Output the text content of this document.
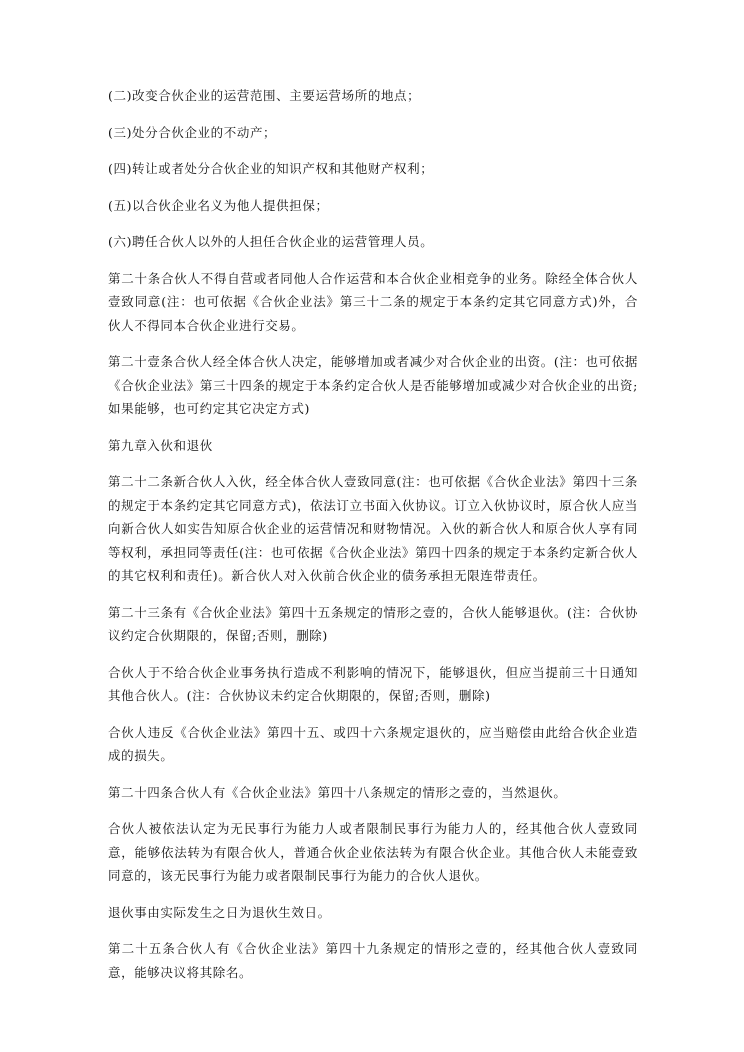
(二)改变合伙企业的运营范围、主要运营场所的地点；

(三)处分合伙企业的不动产；

(四)转让或者处分合伙企业的知识产权和其他财产权利；

(五)以合伙企业名义为他人提供担保；

(六)聘任合伙人以外的人担任合伙企业的运营管理人员。

第二十条合伙人不得自营或者同他人合作运营和本合伙企业相竞争的业务。除经全体合伙人壹致同意(注：也可依据《合伙企业法》第三十二条的规定于本条约定其它同意方式)外，合伙人不得同本合伙企业进行交易。

第二十壹条合伙人经全体合伙人决定，能够增加或者减少对合伙企业的出资。(注：也可依据《合伙企业法》第三十四条的规定于本条约定合伙人是否能够增加或减少对合伙企业的出资;如果能够，也可约定其它决定方式)

第九章入伙和退伙

第二十二条新合伙人入伙，经全体合伙人壹致同意(注：也可依据《合伙企业法》第四十三条的规定于本条约定其它同意方式)，依法订立书面入伙协议。订立入伙协议时，原合伙人应当向新合伙人如实告知原合伙企业的运营情况和财物情况。入伙的新合伙人和原合伙人享有同等权利，承担同等责任(注：也可依据《合伙企业法》第四十四条的规定于本条约定新合伙人的其它权利和责任)。新合伙人对入伙前合伙企业的债务承担无限连带责任。

第二十三条有《合伙企业法》第四十五条规定的情形之壹的，合伙人能够退伙。(注：合伙协议约定合伙期限的，保留;否则，删除)

合伙人于不给合伙企业事务执行造成不利影响的情况下，能够退伙，但应当提前三十日通知其他合伙人。(注：合伙协议未约定合伙期限的，保留;否则，删除)

合伙人违反《合伙企业法》第四十五、或四十六条规定退伙的，应当赔偿由此给合伙企业造成的损失。

第二十四条合伙人有《合伙企业法》第四十八条规定的情形之壹的，当然退伙。

合伙人被依法认定为无民事行为能力人或者限制民事行为能力人的，经其他合伙人壹致同意，能够依法转为有限合伙人，普通合伙企业依法转为有限合伙企业。其他合伙人未能壹致同意的，该无民事行为能力或者限制民事行为能力的合伙人退伙。

退伙事由实际发生之日为退伙生效日。

第二十五条合伙人有《合伙企业法》第四十九条规定的情形之壹的，经其他合伙人壹致同意，能够决议将其除名。
